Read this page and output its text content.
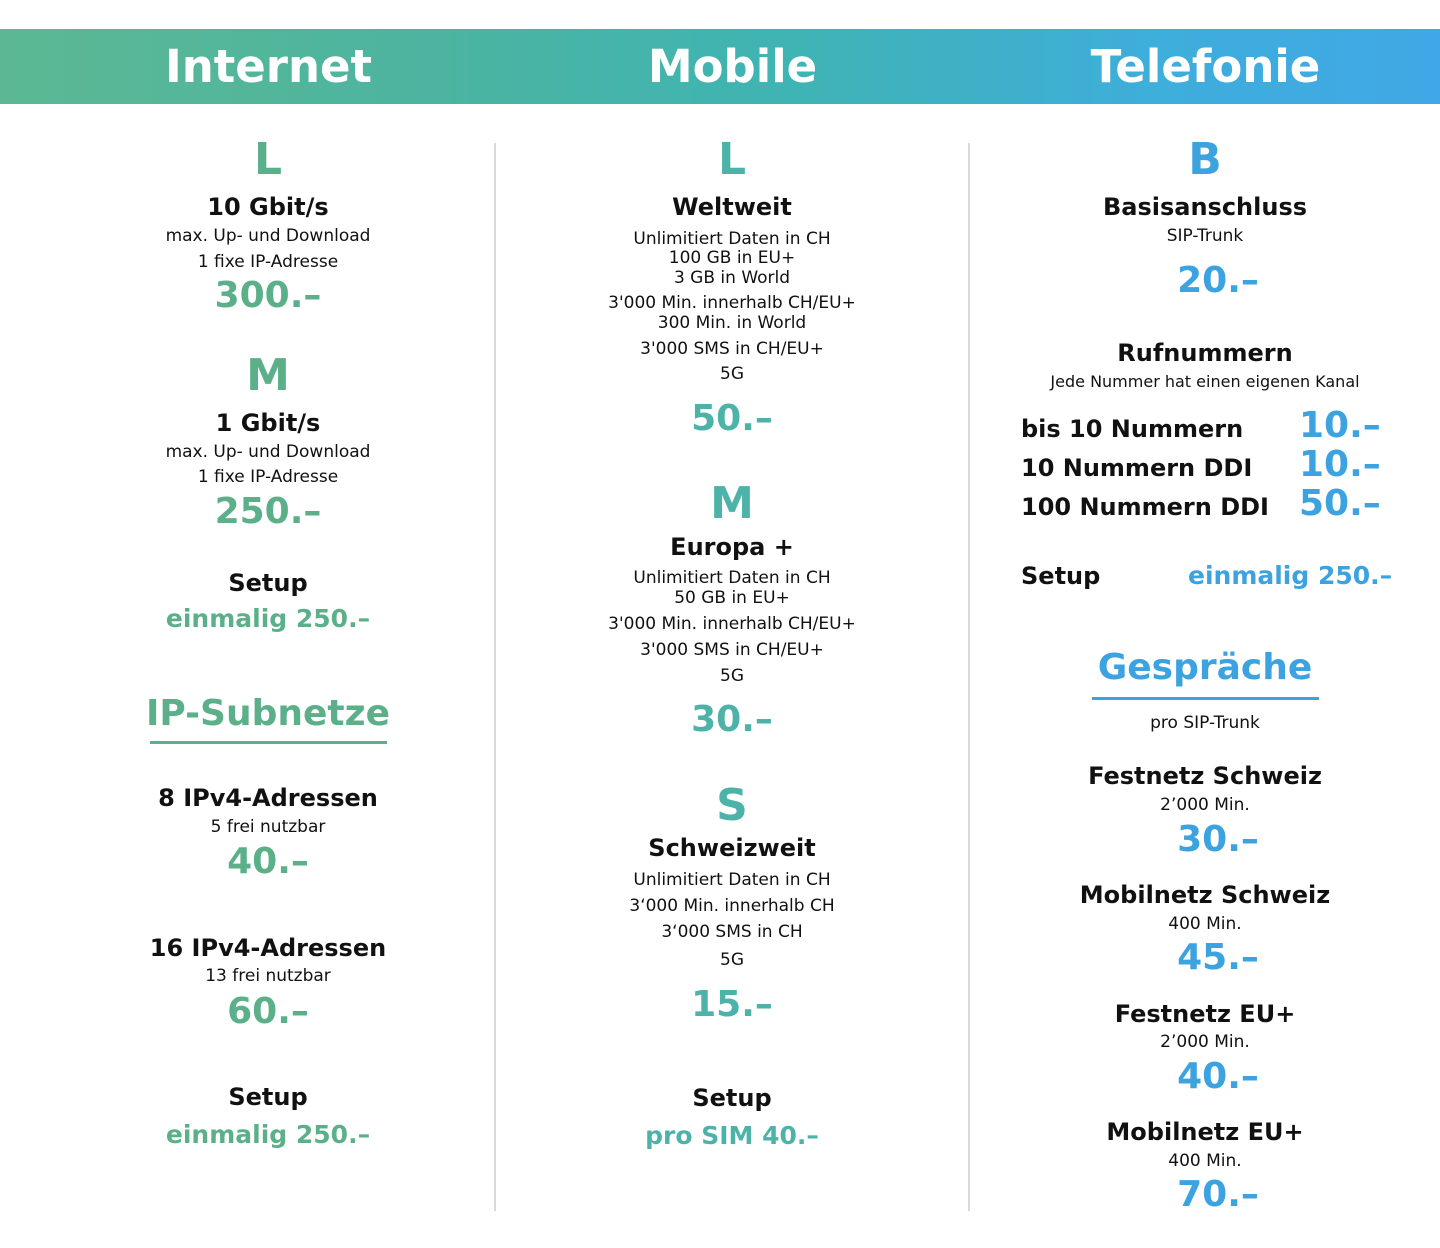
Internet	Mobile	Telefonie
L
10 Gbit/s
max. Up- und Download
1 fixe IP-Adresse
300.–
M
1 Gbit/s
max. Up- und Download
1 fixe IP-Adresse
250.–
Setup
einmalig 250.–
IP-Subnetze
8 IPv4-Adressen
5 frei nutzbar
40.–
16 IPv4-Adressen
13 frei nutzbar
60.–
Setup
einmalig 250.–
L
Weltweit
Unlimitiert Daten in CH
100 GB in EU+
3 GB in World
3'000 Min. innerhalb CH/EU+
300 Min. in World
3'000 SMS in CH/EU+
5G
50.–
M
Europa +
Unlimitiert Daten in CH
50 GB in EU+
3'000 Min. innerhalb CH/EU+
3'000 SMS in CH/EU+
5G
30.–
S
Schweizweit
Unlimitiert Daten in CH
3‘000 Min. innerhalb CH
3‘000 SMS in CH
5G
15.–
Setup
pro SIM 40.–
B
Basisanschluss
SIP-Trunk
20.–
Rufnummern
Jede Nummer hat einen eigenen Kanal
bis 10 Nummern 10.–
10 Nummern DDI 10.–
100 Nummern DDI 50.–
Setup	einmalig 250.–
Gespräche
pro SIP-Trunk
Festnetz Schweiz
2’000 Min.
30.–
Mobilnetz Schweiz
400 Min.
45.–
Festnetz EU+
2’000 Min.
40.–
Mobilnetz EU+
400 Min.
70.–
